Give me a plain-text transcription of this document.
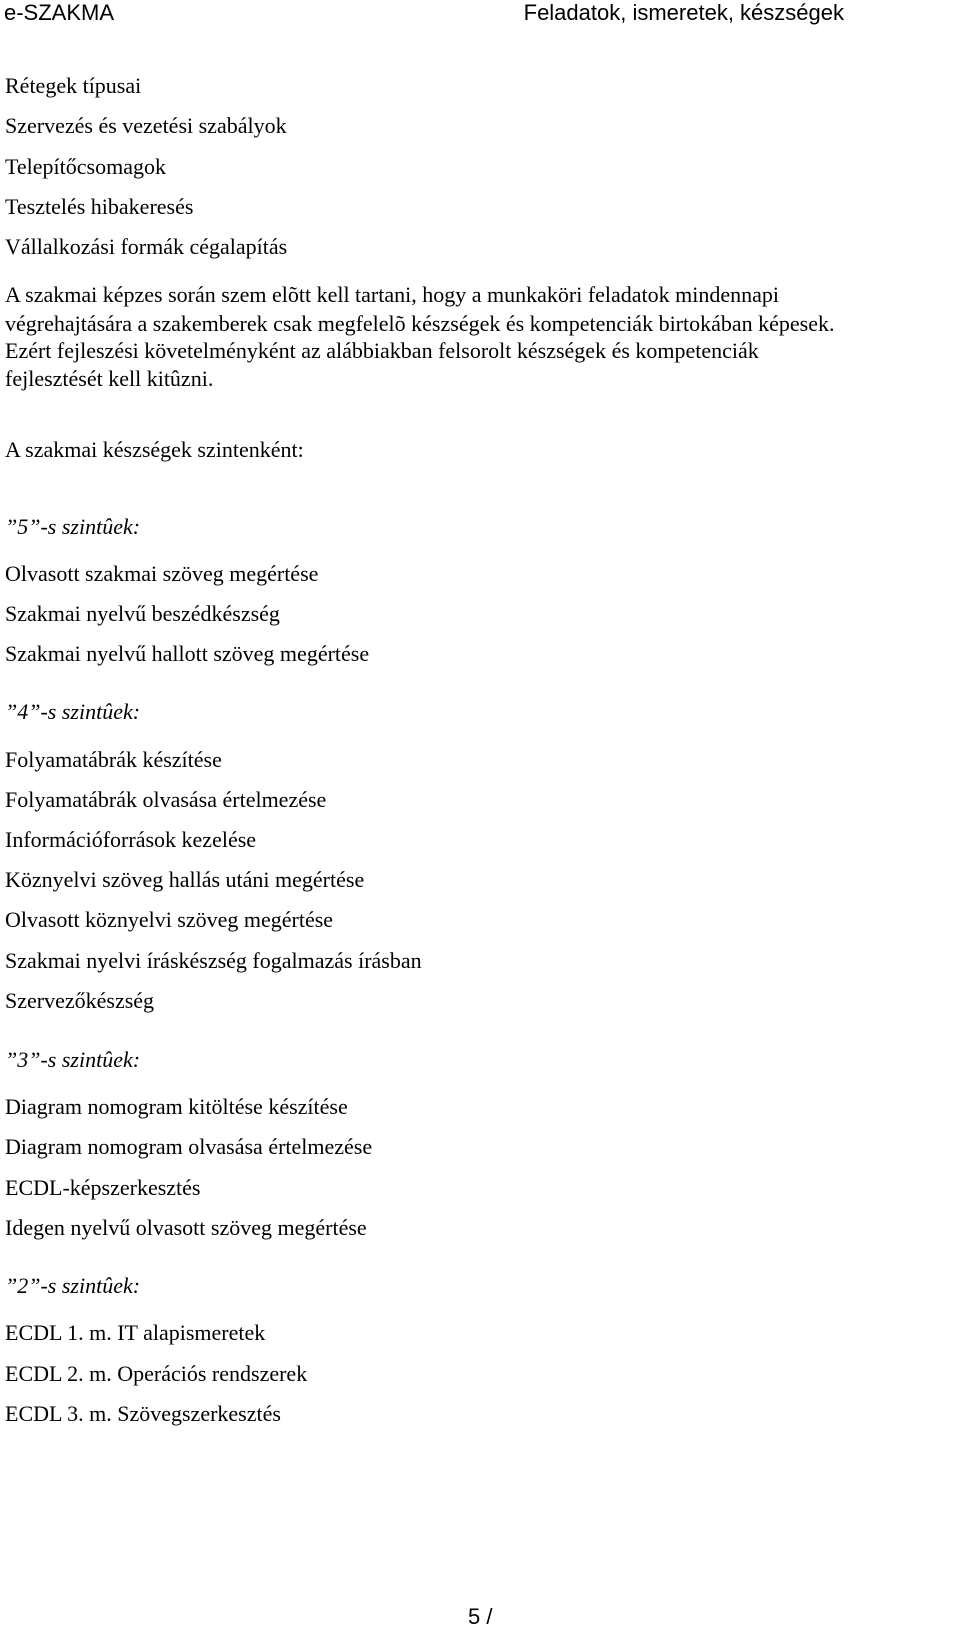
e-SZAKMA	Feladatok, ismeretek, készségek
Rétegek típusai
Szervezés és vezetési szabályok
Telepítőcsomagok
Tesztelés hibakeresés
Vállalkozási formák cégalapítás
A szakmai képzes során szem elõtt kell tartani, hogy a munkaköri feladatok mindennapi
végrehajtására a szakemberek csak megfelelõ készségek és kompetenciák birtokában képesek.
Ezért fejleszési követelményként az alábbiakban felsorolt készségek és kompetenciák
fejlesztését kell kitûzni.
A szakmai készségek szintenként:
”5”-s szintûek:
Olvasott szakmai szöveg megértése
Szakmai nyelvű beszédkészség
Szakmai nyelvű hallott szöveg megértése
”4”-s szintûek:
Folyamatábrák készítése
Folyamatábrák olvasása értelmezése
Információforrások kezelése
Köznyelvi szöveg hallás utáni megértése
Olvasott köznyelvi szöveg megértése
Szakmai nyelvi íráskészség fogalmazás írásban
Szervezőkészség
”3”-s szintûek:
Diagram nomogram kitöltése készítése
Diagram nomogram olvasása értelmezése
ECDL-képszerkesztés
Idegen nyelvű olvasott szöveg megértése
”2”-s szintûek:
ECDL 1. m. IT alapismeretek
ECDL 2. m. Operációs rendszerek
ECDL 3. m. Szövegszerkesztés
5 /
